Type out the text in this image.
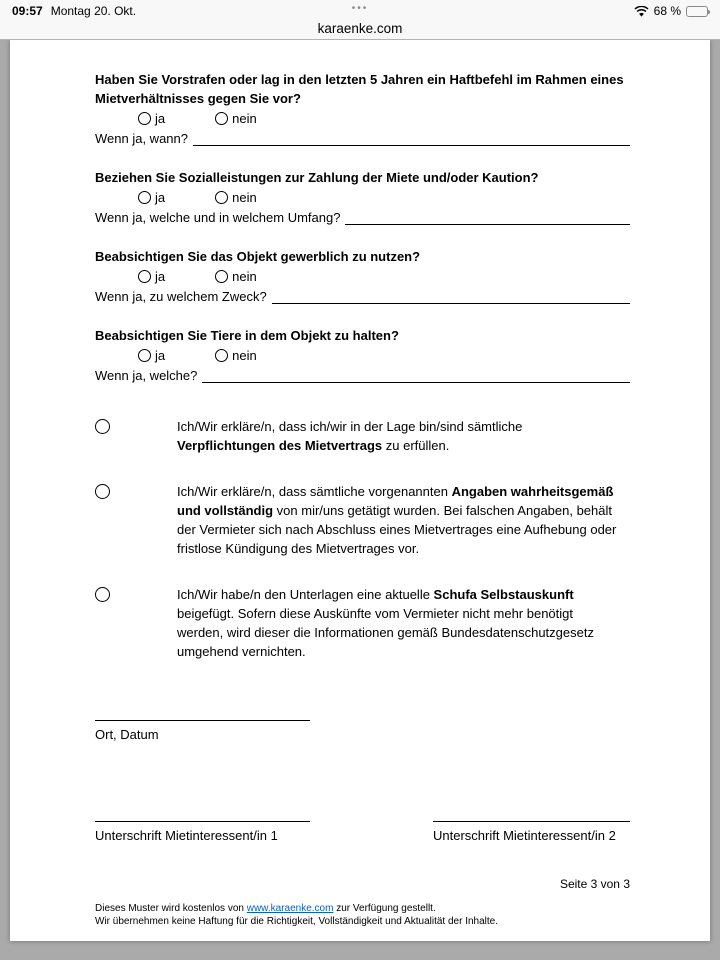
09:57 Montag 20. Okt.	•••	68 %
karaenke.com
Haben Sie Vorstrafen oder lag in den letzten 5 Jahren ein Haftbefehl im Rahmen eines Mietverhältnisses gegen Sie vor?
ja	nein
Wenn ja, wann?
Beziehen Sie Sozialleistungen zur Zahlung der Miete und/oder Kaution?
ja	nein
Wenn ja, welche und in welchem Umfang?
Beabsichtigen Sie das Objekt gewerblich zu nutzen?
ja	nein
Wenn ja, zu welchem Zweck?
Beabsichtigen Sie Tiere in dem Objekt zu halten?
ja	nein
Wenn ja, welche?
Ich/Wir erkläre/n, dass ich/wir in der Lage bin/sind sämtliche Verpflichtungen des Mietvertrags zu erfüllen.
Ich/Wir erkläre/n, dass sämtliche vorgenannten Angaben wahrheitsgemäß und vollständig von mir/uns getätigt wurden. Bei falschen Angaben, behält der Vermieter sich nach Abschluss eines Mietvertrages eine Aufhebung oder fristlose Kündigung des Mietvertrages vor.
Ich/Wir habe/n den Unterlagen eine aktuelle Schufa Selbstauskunft beigefügt. Sofern diese Auskünfte vom Vermieter nicht mehr benötigt werden, wird dieser die Informationen gemäß Bundesdatenschutzgesetz umgehend vernichten.
Ort, Datum
Unterschrift Mietinteressent/in 1	Unterschrift Mietinteressent/in 2
Seite 3 von 3
Dieses Muster wird kostenlos von www.karaenke.com zur Verfügung gestellt.
Wir übernehmen keine Haftung für die Richtigkeit, Vollständigkeit und Aktualität der Inhalte.
